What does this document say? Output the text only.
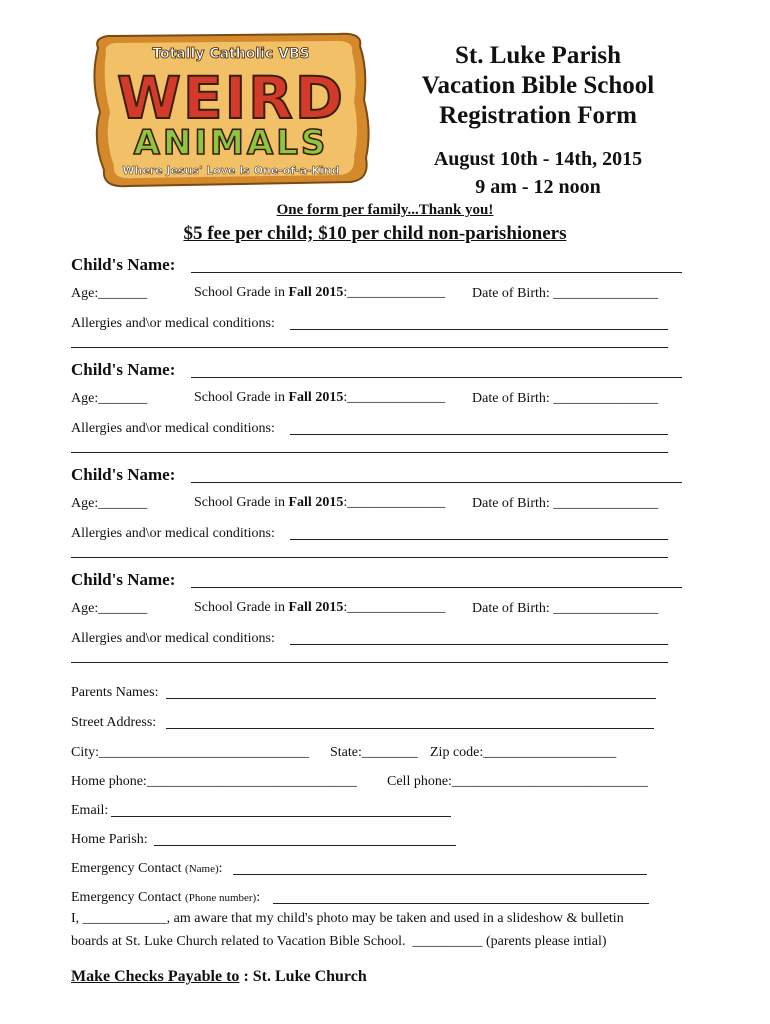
Totally Catholic VBS
WEIRD
ANIMALS
Where Jesus' Love Is One-of-a-Kind
St. Luke Parish
Vacation Bible School
Registration Form
August 10th - 14th, 2015
9 am - 12 noon
One form per family...Thank you!
$5 fee per child; $10 per child non-parishioners
Child's Name:
Age:_______	School Grade in Fall 2015:______________ Date of Birth: _______________
Allergies and\or medical conditions:
Child's Name:
Age:_______	School Grade in Fall 2015:______________ Date of Birth: _______________
Allergies and\or medical conditions:
Child's Name:
Age:_______	School Grade in Fall 2015:______________ Date of Birth: _______________
Allergies and\or medical conditions:
Child's Name:
Age:_______	School Grade in Fall 2015:______________ Date of Birth: _______________
Allergies and\or medical conditions:
Parents Names:
Street Address:
City:______________________________ State:________ Zip code:___________________
Home phone:______________________________ Cell phone:____________________________
Email:
Home Parish:
Emergency Contact (Name):
Emergency Contact (Phone number):
I, ____________, am aware that my child's photo may be taken and used in a slideshow & bulletin
boards at St. Luke Church related to Vacation Bible School.  __________ (parents please intial)
Make Checks Payable to : St. Luke Church
